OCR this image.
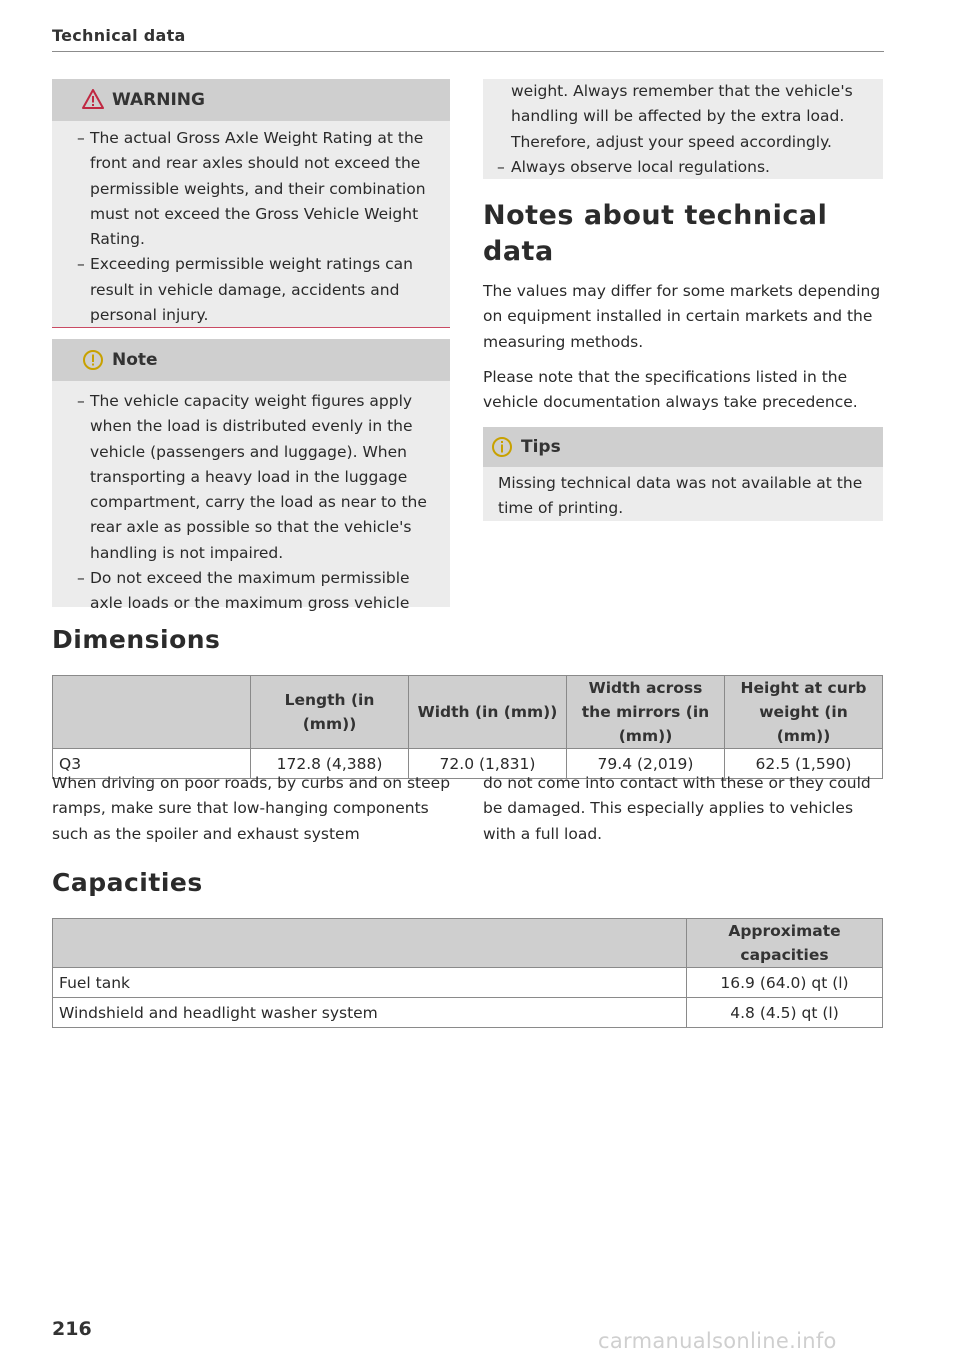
Technical data
WARNING
– The actual Gross Axle Weight Rating at the front and rear axles should not exceed the permissible weights, and their combination must not exceed the Gross Vehicle Weight Rating.
– Exceeding permissible weight ratings can result in vehicle damage, accidents and personal injury.
Note
– The vehicle capacity weight figures apply when the load is distributed evenly in the vehicle (passengers and luggage). When transporting a heavy load in the luggage compartment, carry the load as near to the rear axle as possible so that the vehicle's handling is not impaired.
– Do not exceed the maximum permissible axle loads or the maximum gross vehicle
weight. Always remember that the vehicle's handling will be affected by the extra load. Therefore, adjust your speed accordingly.
– Always observe local regulations.
Notes about technical data
The values may differ for some markets depending on equipment installed in certain markets and the measuring methods.
Please note that the specifications listed in the vehicle documentation always take precedence.
Tips
Missing technical data was not available at the time of printing.
Dimensions
	Length (in (mm))	Width (in (mm))	Width across the mirrors (in (mm))	Height at curb weight (in (mm))
Q3	172.8 (4,388)	72.0 (1,831)	79.4 (2,019)	62.5 (1,590)
When driving on poor roads, by curbs and on steep ramps, make sure that low-hanging components such as the spoiler and exhaust system
do not come into contact with these or they could be damaged. This especially applies to vehicles with a full load.
Capacities
	Approximate capacities
Fuel tank	16.9 (64.0) qt (l)
Windshield and headlight washer system	4.8 (4.5) qt (l)
216	carmanualsonline.info
